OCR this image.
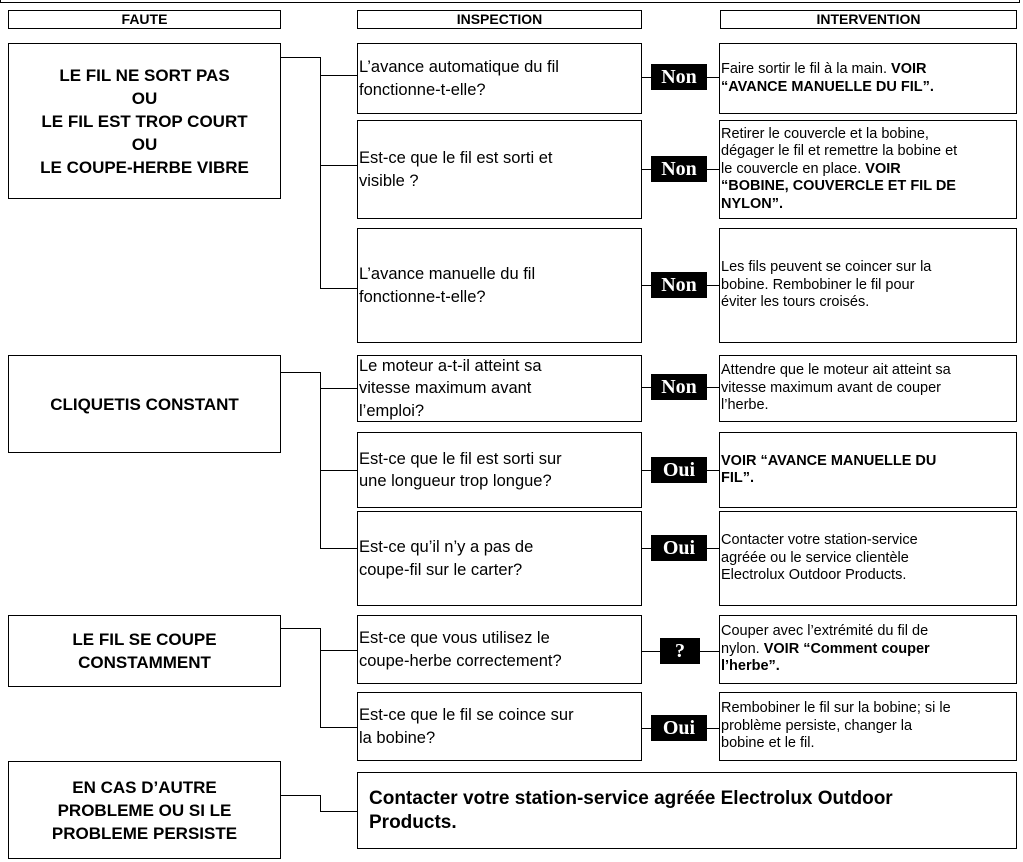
FAUTE	INSPECTION	INTERVENTION
LE FIL NE SORT PAS
OU
LE FIL EST TROP COURT
OU
LE COUPE-HERBE VIBRE
CLIQUETIS CONSTANT
LE FIL SE COUPE
CONSTAMMENT
EN CAS D’AUTRE
PROBLEME OU SI LE
PROBLEME PERSISTE
L’avance automatique du fil
fonctionne-t-elle?
Est-ce que le fil est sorti et
visible ?
L’avance manuelle du fil
fonctionne-t-elle?
Le moteur a-t-il atteint sa
vitesse maximum avant
l’emploi?
Est-ce que le fil est sorti sur
une longueur trop longue?
Est-ce qu’il n’y a pas de
coupe-fil sur le carter?
Est-ce que vous utilisez le
coupe-herbe correctement?
Est-ce que le fil se coince sur
la bobine?
Non
Non
Non
Non
Oui
Oui
?
Oui
Faire sortir le fil à la main. VOIR
“AVANCE MANUELLE DU FIL”.
Retirer le couvercle et la bobine,
dégager le fil et remettre la bobine et
le couvercle en place. VOIR
“BOBINE, COUVERCLE ET FIL DE
NYLON”.
Les fils peuvent se coincer sur la
bobine. Rembobiner le fil pour
éviter les tours croisés.
Attendre que le moteur ait atteint sa
vitesse maximum avant de couper
l’herbe.
VOIR “AVANCE MANUELLE DU
FIL”.
Contacter votre station-service
agréée ou le service clientèle
Electrolux Outdoor Products.
Couper avec l’extrémité du fil de
nylon. VOIR “Comment couper
l’herbe”.
Rembobiner le fil sur la bobine; si le
problème persiste, changer la
bobine et le fil.
Contacter votre station-service agréée Electrolux Outdoor
Products.
